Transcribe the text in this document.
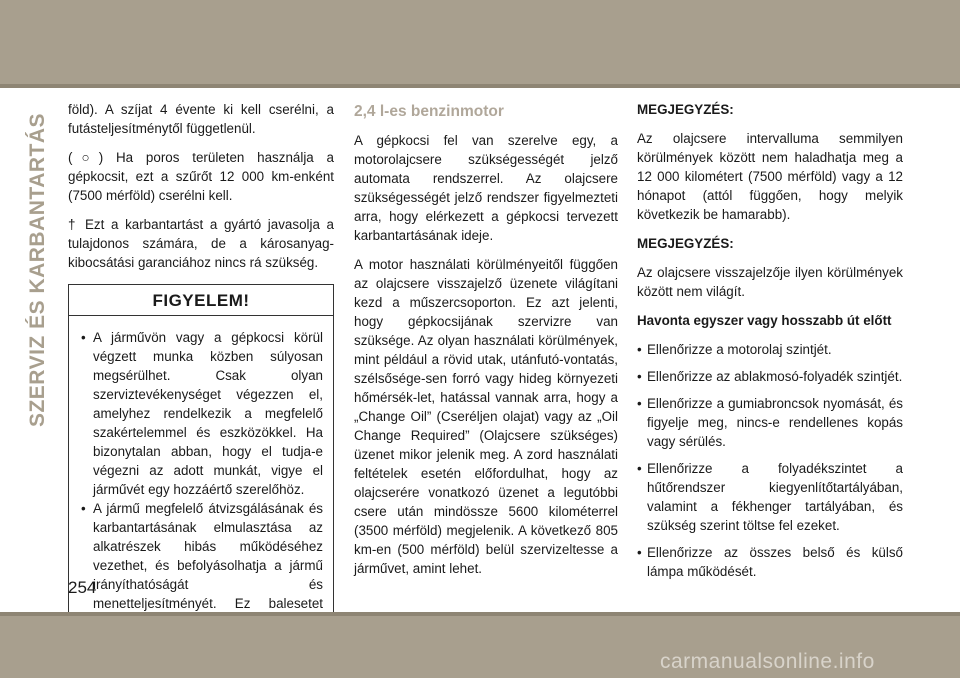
SZERVIZ ÉS KARBANTARTÁS

föld). A szíjat 4 évente ki kell cserélni, a futásteljesítménytől függetlenül.

(○) Ha poros területen használja a gépkocsit, ezt a szűrőt 12 000 km-enként (7500 mérföld) cserélni kell.

† Ezt a karbantartást a gyártó javasolja a tulajdonos számára, de a károsanyag-kibocsátási garanciához nincs rá szükség.

FIGYELEM!
• A járművön vagy a gépkocsi körül végzett munka közben súlyosan megsérülhet. Csak olyan szerviztevékenységet végezzen el, amelyhez rendelkezik a megfelelő szakértelemmel és eszközökkel. Ha bizonytalan abban, hogy el tudja-e végezni az adott munkát, vigye el járművét egy hozzáértő szerelőhöz.
• A jármű megfelelő átvizsgálásának és karbantartásának elmulasztása az alkatrészek hibás működéséhez vezethet, és befolyásolhatja a jármű irányíthatóságát és menetteljesítményét. Ez balesetet
2,4 l-es benzinmotor

A gépkocsi fel van szerelve egy, a motorolajcsere szükségességét jelző automata rendszerrel. Az olajcsere szükségességét jelző rendszer figyelmezteti arra, hogy elérkezett a gépkocsi tervezett karbantartásának ideje.

A motor használati körülményeitől függően az olajcsere visszajelző üzenete világítani kezd a műszercsoporton. Ez azt jelenti, hogy gépkocsijának szervizre van szüksége. Az olyan használati körülmények, mint például a rövid utak, utánfutó-vontatás, szélsősége-sen forró vagy hideg környezeti hőmérsék-let, hatással vannak arra, hogy a „Change Oil” (Cseréljen olajat) vagy az „Oil Change Required” (Olajcsere szükséges) üzenet mikor jelenik meg. A zord használati feltételek esetén előfordulhat, hogy az olajcserére vonatkozó üzenet a legutóbbi csere után mindössze 5600 kilométerrel (3500 mérföld) megjelenik. A következő 805 km-en (500 mérföld) belül szervizeltesse a járművet, amint lehet.

MEGJEGYZÉS:

Az olajcsere intervalluma semmilyen körülmények között nem haladhatja meg a 12 000 kilométert (7500 mérföld) vagy a 12 hónapot (attól függően, hogy melyik következik be hamarabb).

MEGJEGYZÉS:

Az olajcsere visszajelzője ilyen körülmények között nem világít.

Havonta egyszer vagy hosszabb út előtt

• Ellenőrizze a motorolaj szintjét.
• Ellenőrizze az ablakmosó-folyadék szintjét.
• Ellenőrizze a gumiabroncsok nyomását, és figyelje meg, nincs-e rendellenes kopás vagy sérülés.
• Ellenőrizze a folyadékszintet a hűtőrendszer kiegyenlítőtartályában, valamint a fékhenger tartályában, és szükség szerint töltse fel ezeket.
• Ellenőrizze az összes belső és külső lámpa működését.
254
carmanualsonline.info
